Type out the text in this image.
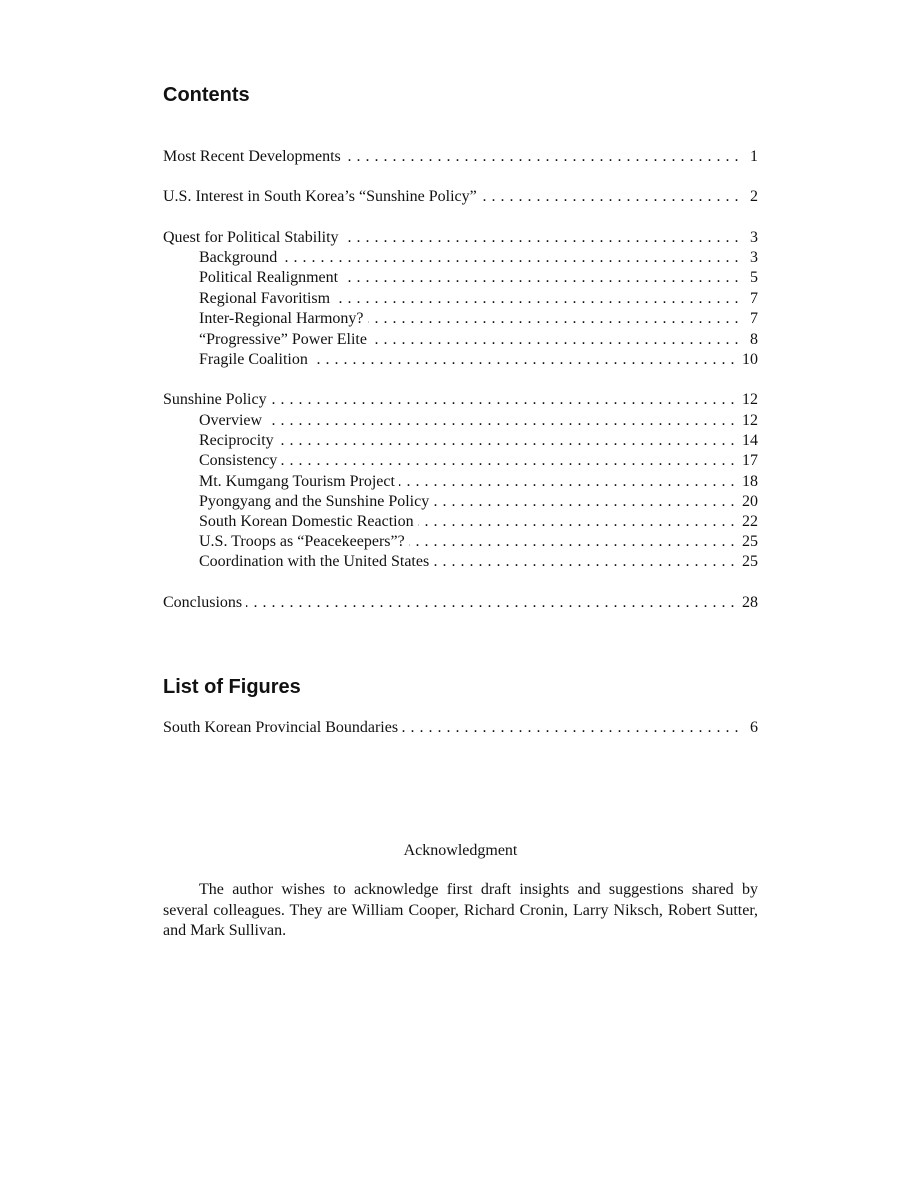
Contents
Most Recent Developments . . .	1
U.S. Interest in South Korea’s “Sunshine Policy” . . .	2
Quest for Political Stability . . .	3
Background . . .	3
Political Realignment . . .	5
Regional Favoritism . . .	7
Inter-Regional Harmony? . . .	7
“Progressive” Power Elite . . .	8
Fragile Coalition . . .	10
Sunshine Policy . . .	12
Overview . . .	12
Reciprocity . . .	14
Consistency . . .	17
Mt. Kumgang Tourism Project . . .	18
Pyongyang and the Sunshine Policy . . .	20
South Korean Domestic Reaction . . .	22
U.S. Troops as “Peacekeepers”? . . .	25
Coordination with the United States . . .	25
Conclusions . . .	28
List of Figures
South Korean Provincial Boundaries . . .	6
Acknowledgment
The author wishes to acknowledge first draft insights and suggestions shared by several colleagues. They are William Cooper, Richard Cronin, Larry Niksch, Robert Sutter, and Mark Sullivan.
